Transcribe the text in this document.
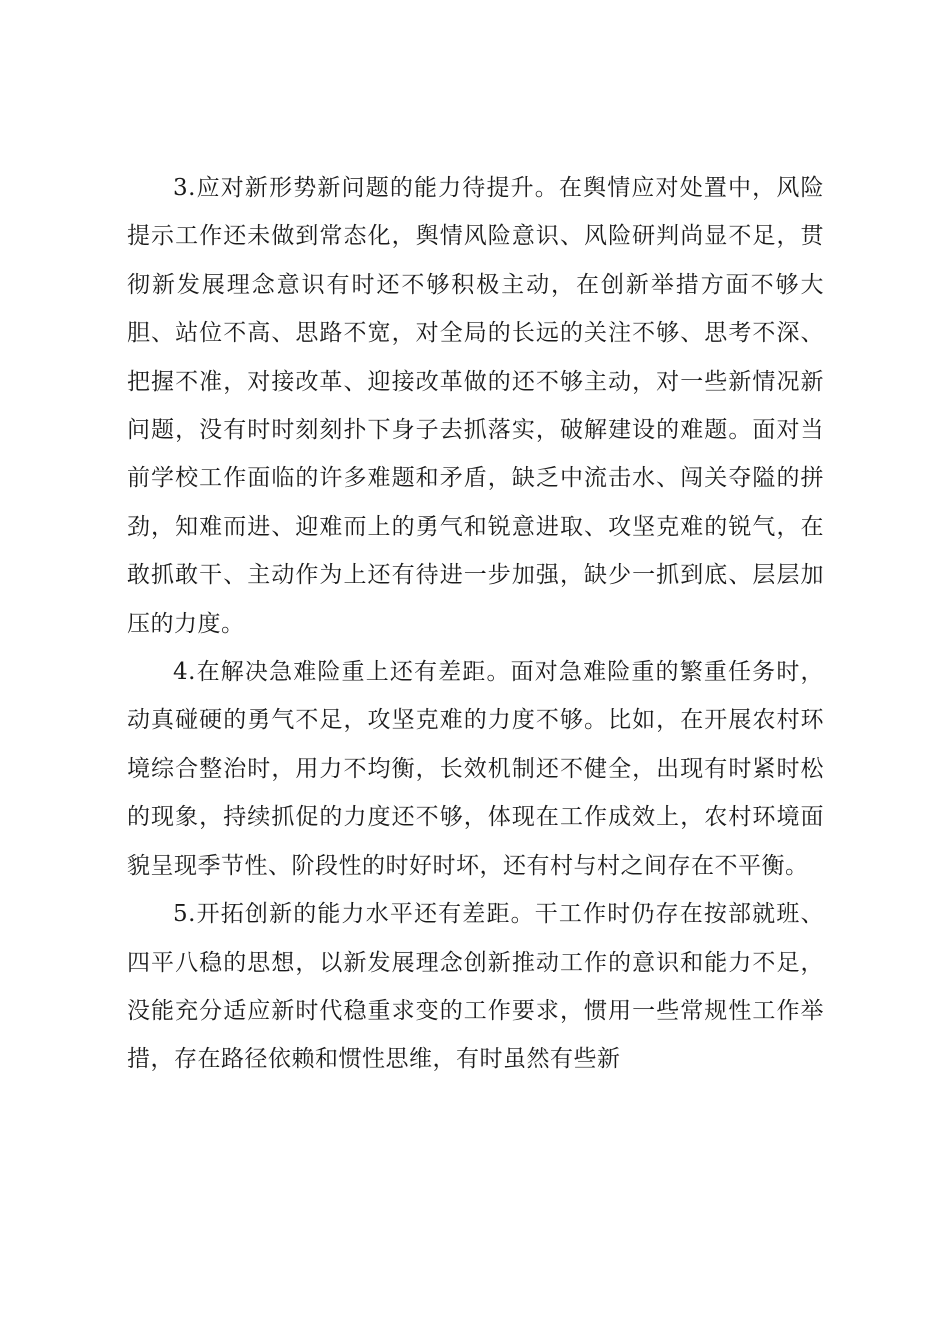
3.应对新形势新问题的能力待提升。在舆情应对处置中，风险提示工作还未做到常态化，舆情风险意识、风险研判尚显不足，贯彻新发展理念意识有时还不够积极主动，在创新举措方面不够大胆、站位不高、思路不宽，对全局的长远的关注不够、思考不深、把握不准，对接改革、迎接改革做的还不够主动，对一些新情况新问题，没有时时刻刻扑下身子去抓落实，破解建设的难题。面对当前学校工作面临的许多难题和矛盾，缺乏中流击水、闯关夺隘的拼劲，知难而进、迎难而上的勇气和锐意进取、攻坚克难的锐气，在敢抓敢干、主动作为上还有待进一步加强，缺少一抓到底、层层加压的力度。

4.在解决急难险重上还有差距。面对急难险重的繁重任务时，动真碰硬的勇气不足，攻坚克难的力度不够。比如，在开展农村环境综合整治时，用力不均衡，长效机制还不健全，出现有时紧时松的现象，持续抓促的力度还不够，体现在工作成效上，农村环境面貌呈现季节性、阶段性的时好时坏，还有村与村之间存在不平衡。

5.开拓创新的能力水平还有差距。干工作时仍存在按部就班、四平八稳的思想，以新发展理念创新推动工作的意识和能力不足，没能充分适应新时代稳重求变的工作要求，惯用一些常规性工作举措，存在路径依赖和惯性思维，有时虽然有些新
